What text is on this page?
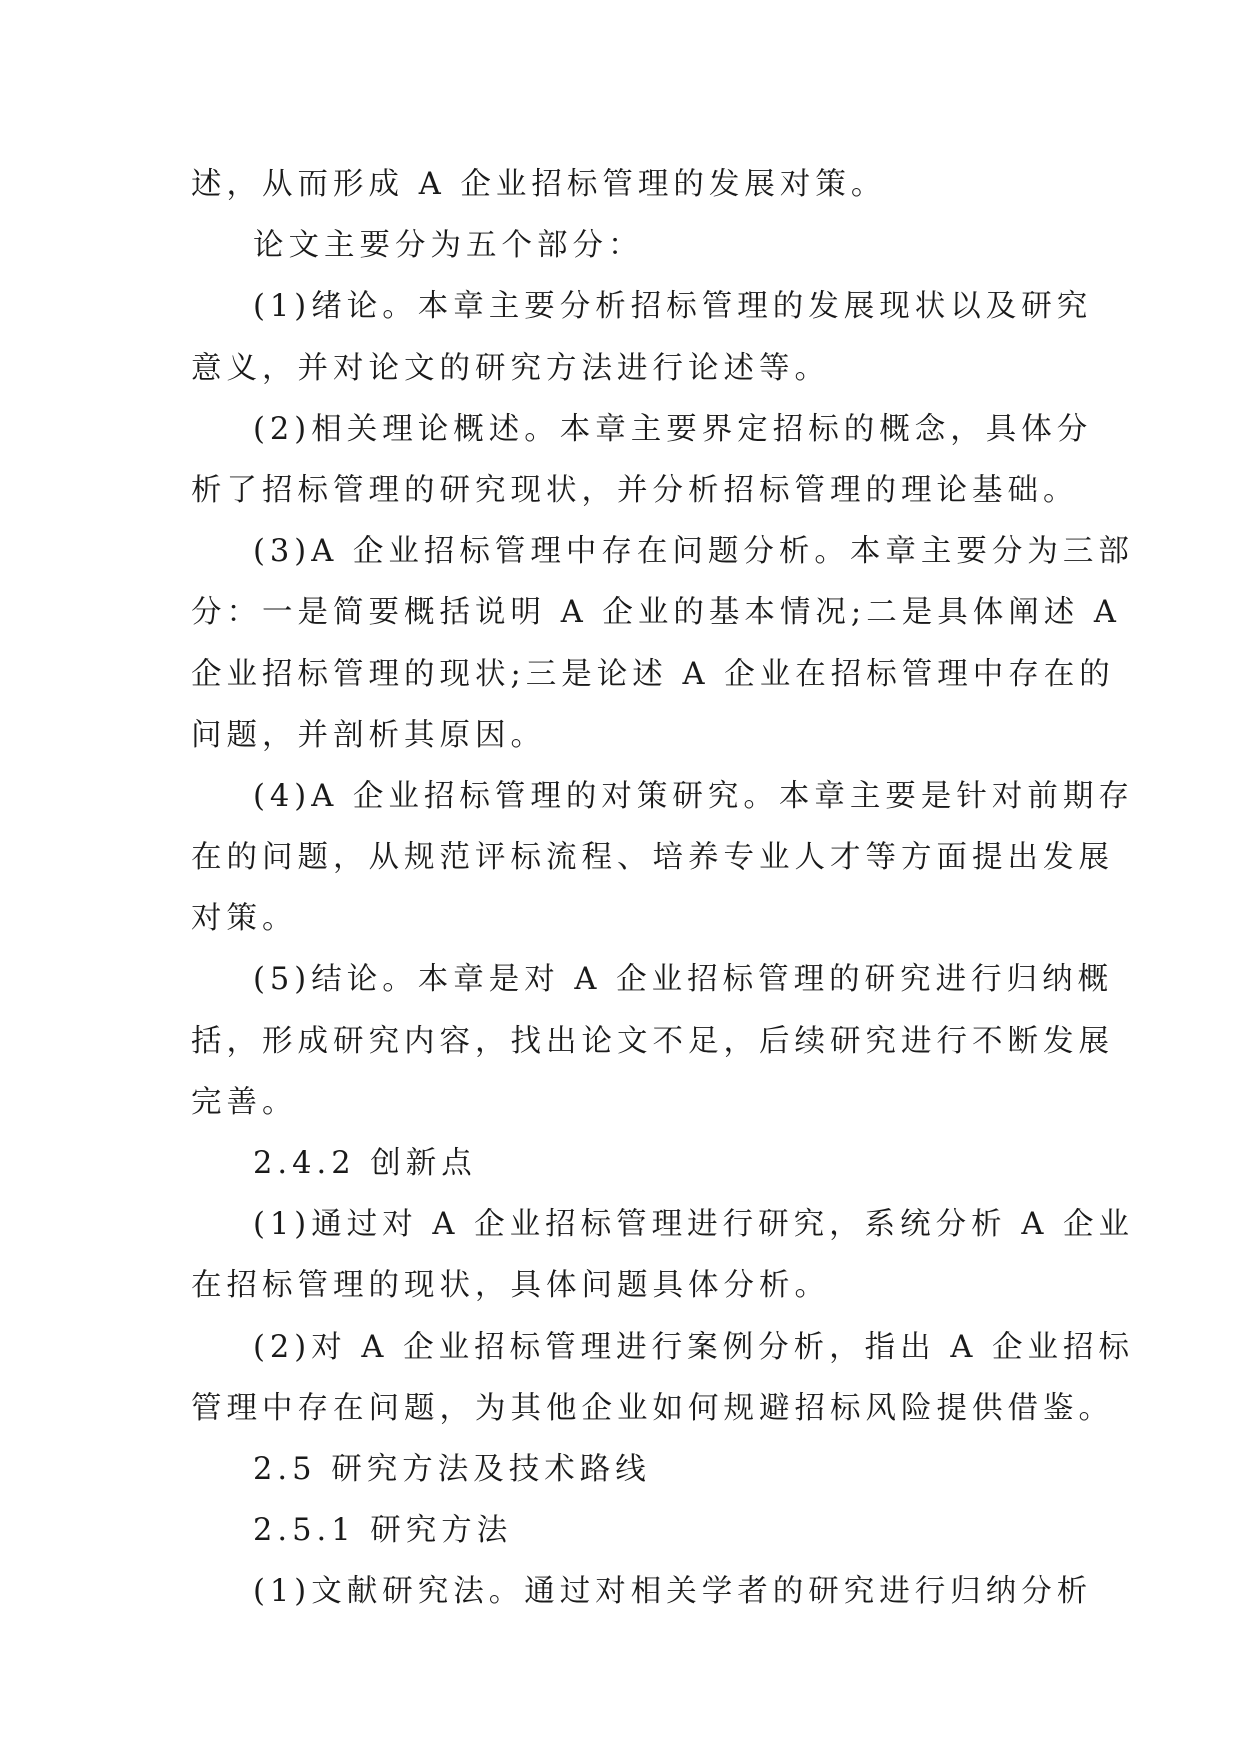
述，从而形成 A 企业招标管理的发展对策。
论文主要分为五个部分：
(1)绪论。本章主要分析招标管理的发展现状以及研究
意义，并对论文的研究方法进行论述等。
(2)相关理论概述。本章主要界定招标的概念，具体分
析了招标管理的研究现状，并分析招标管理的理论基础。
(3)A 企业招标管理中存在问题分析。本章主要分为三部
分：一是简要概括说明 A 企业的基本情况;二是具体阐述 A
企业招标管理的现状;三是论述 A 企业在招标管理中存在的
问题，并剖析其原因。
(4)A 企业招标管理的对策研究。本章主要是针对前期存
在的问题，从规范评标流程、培养专业人才等方面提出发展
对策。
(5)结论。本章是对 A 企业招标管理的研究进行归纳概
括，形成研究内容，找出论文不足，后续研究进行不断发展
完善。
2.4.2 创新点
(1)通过对 A 企业招标管理进行研究，系统分析 A 企业
在招标管理的现状，具体问题具体分析。
(2)对 A 企业招标管理进行案例分析，指出 A 企业招标
管理中存在问题，为其他企业如何规避招标风险提供借鉴。
2.5 研究方法及技术路线
2.5.1 研究方法
(1)文献研究法。通过对相关学者的研究进行归纳分析
